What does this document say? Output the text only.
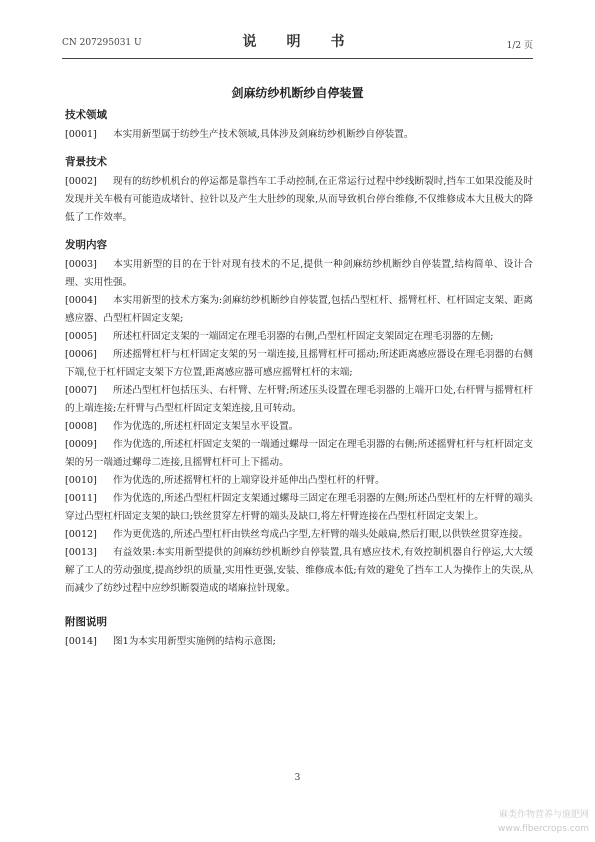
CN 207295031 U	说　明　书	1/2 页
剑麻纺纱机断纱自停装置
技术领域

[0001] 本实用新型属于纺纱生产技术领域,具体涉及剑麻纺纱机断纱自停装置。

背景技术

[0002] 现有的纺纱机机台的停运都是靠挡车工手动控制,在正常运行过程中纱线断裂时,挡车工如果没能及时发现并关车极有可能造成堵针、拉针以及产生大肚纱的现象,从而导致机台停台维修,不仅维修成本大且极大的降低了工作效率。

发明内容

[0003] 本实用新型的目的在于针对现有技术的不足,提供一种剑麻纺纱机断纱自停装置,结构简单、设计合理、实用性强。

[0004] 本实用新型的技术方案为:剑麻纺纱机断纱自停装置,包括凸型杠杆、摇臂杠杆、杠杆固定支架、距离感应器、凸型杠杆固定支架;

[0005] 所述杠杆固定支架的一端固定在理毛羽器的右侧,凸型杠杆固定支架固定在理毛羽器的左侧;

[0006] 所述摇臂杠杆与杠杆固定支架的另一端连接,且摇臂杠杆可摇动;所述距离感应器设在理毛羽器的右侧下端,位于杠杆固定支架下方位置,距离感应器可感应摇臂杠杆的末端;

[0007] 所述凸型杠杆包括压头、右杆臂、左杆臂;所述压头设置在理毛羽器的上端开口处,右杆臂与摇臂杠杆的上端连接;左杆臂与凸型杠杆固定支架连接,且可转动。

[0008] 作为优选的,所述杠杆固定支架呈水平设置。

[0009] 作为优选的,所述杠杆固定支架的一端通过螺母一固定在理毛羽器的右侧;所述摇臂杠杆与杠杆固定支架的另一端通过螺母二连接,且摇臂杠杆可上下摇动。

[0010] 作为优选的,所述摇臂杠杆的上端穿设并延伸出凸型杠杆的杆臂。

[0011] 作为优选的,所述凸型杠杆固定支架通过螺母三固定在理毛羽器的左侧;所述凸型杠杆的左杆臂的端头穿过凸型杠杆固定支架的缺口;铁丝贯穿左杆臂的端头及缺口,将左杆臂连接在凸型杠杆固定支架上。

[0012] 作为更优选的,所述凸型杠杆由铁丝弯成凸字型,左杆臂的端头处敲扁,然后打眼,以供铁丝贯穿连接。

[0013] 有益效果:本实用新型提供的剑麻纺纱机断纱自停装置,具有感应技术,有效控制机器自行停运,大大缓解了工人的劳动强度,提高纱织的质量,实用性更强,安装、维修成本低;有效的避免了挡车工人为操作上的失误,从而减少了纺纱过程中应纱织断裂造成的堵麻拉针现象。

附图说明

[0014] 图1为本实用新型实施例的结构示意图;

3
麻类作物营养与施肥网
www.fibercrops.com
